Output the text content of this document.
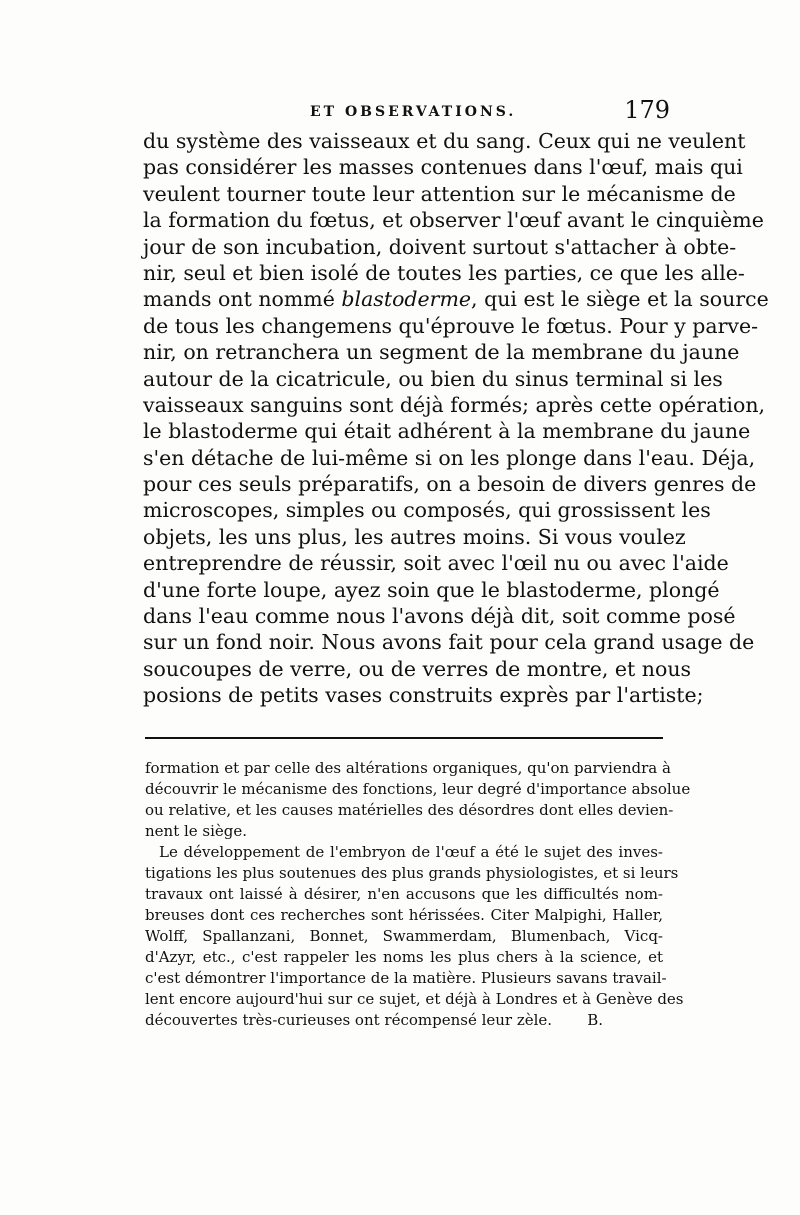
ET OBSERVATIONS.	179
du système des vaisseaux et du sang. Ceux qui ne veulent
pas considérer les masses contenues dans l'œuf, mais qui
veulent tourner toute leur attention sur le mécanisme de
la formation du fœtus, et observer l'œuf avant le cinquième
jour de son incubation, doivent surtout s'attacher à obte-
nir, seul et bien isolé de toutes les parties, ce que les alle-
mands ont nommé blastoderme, qui est le siège et la source
de tous les changemens qu'éprouve le fœtus. Pour y parve-
nir, on retranchera un segment de la membrane du jaune
autour de la cicatricule, ou bien du sinus terminal si les
vaisseaux sanguins sont déjà formés; après cette opération,
le blastoderme qui était adhérent à la membrane du jaune
s'en détache de lui-même si on les plonge dans l'eau. Déja,
pour ces seuls préparatifs, on a besoin de divers genres de
microscopes, simples ou composés, qui grossissent les
objets, les uns plus, les autres moins. Si vous voulez
entreprendre de réussir, soit avec l'œil nu ou avec l'aide
d'une forte loupe, ayez soin que le blastoderme, plongé
dans l'eau comme nous l'avons déjà dit, soit comme posé
sur un fond noir. Nous avons fait pour cela grand usage de
soucoupes de verre, ou de verres de montre, et nous
posions de petits vases construits exprès par l'artiste;
formation et par celle des altérations organiques, qu'on parviendra à
découvrir le mécanisme des fonctions, leur degré d'importance absolue
ou relative, et les causes matérielles des désordres dont elles devien-
nent le siège.
Le développement de l'embryon de l'œuf a été le sujet des inves-
tigations les plus soutenues des plus grands physiologistes, et si leurs
travaux ont laissé à désirer, n'en accusons que les difficultés nom-
breuses dont ces recherches sont hérissées. Citer Malpighi, Haller,
Wolff, Spallanzani, Bonnet, Swammerdam, Blumenbach, Vicq-
d'Azyr, etc., c'est rappeler les noms les plus chers à la science, et
c'est démontrer l'importance de la matière. Plusieurs savans travail-
lent encore aujourd'hui sur ce sujet, et déjà à Londres et à Genève des
découvertes très-curieuses ont récompensé leur zèle. B.
